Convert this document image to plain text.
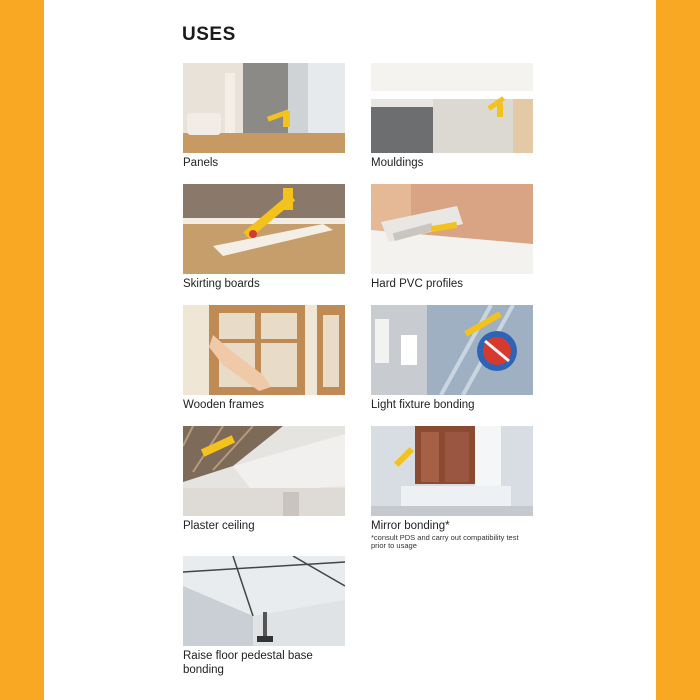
USES
Panels	Mouldings
Skirting boards	Hard PVC profiles
Wooden frames	Light fixture bonding
Plaster ceiling	Mirror bonding*
*consult PDS and carry out compatibility test
prior to usage
Raise floor pedestal base
bonding
